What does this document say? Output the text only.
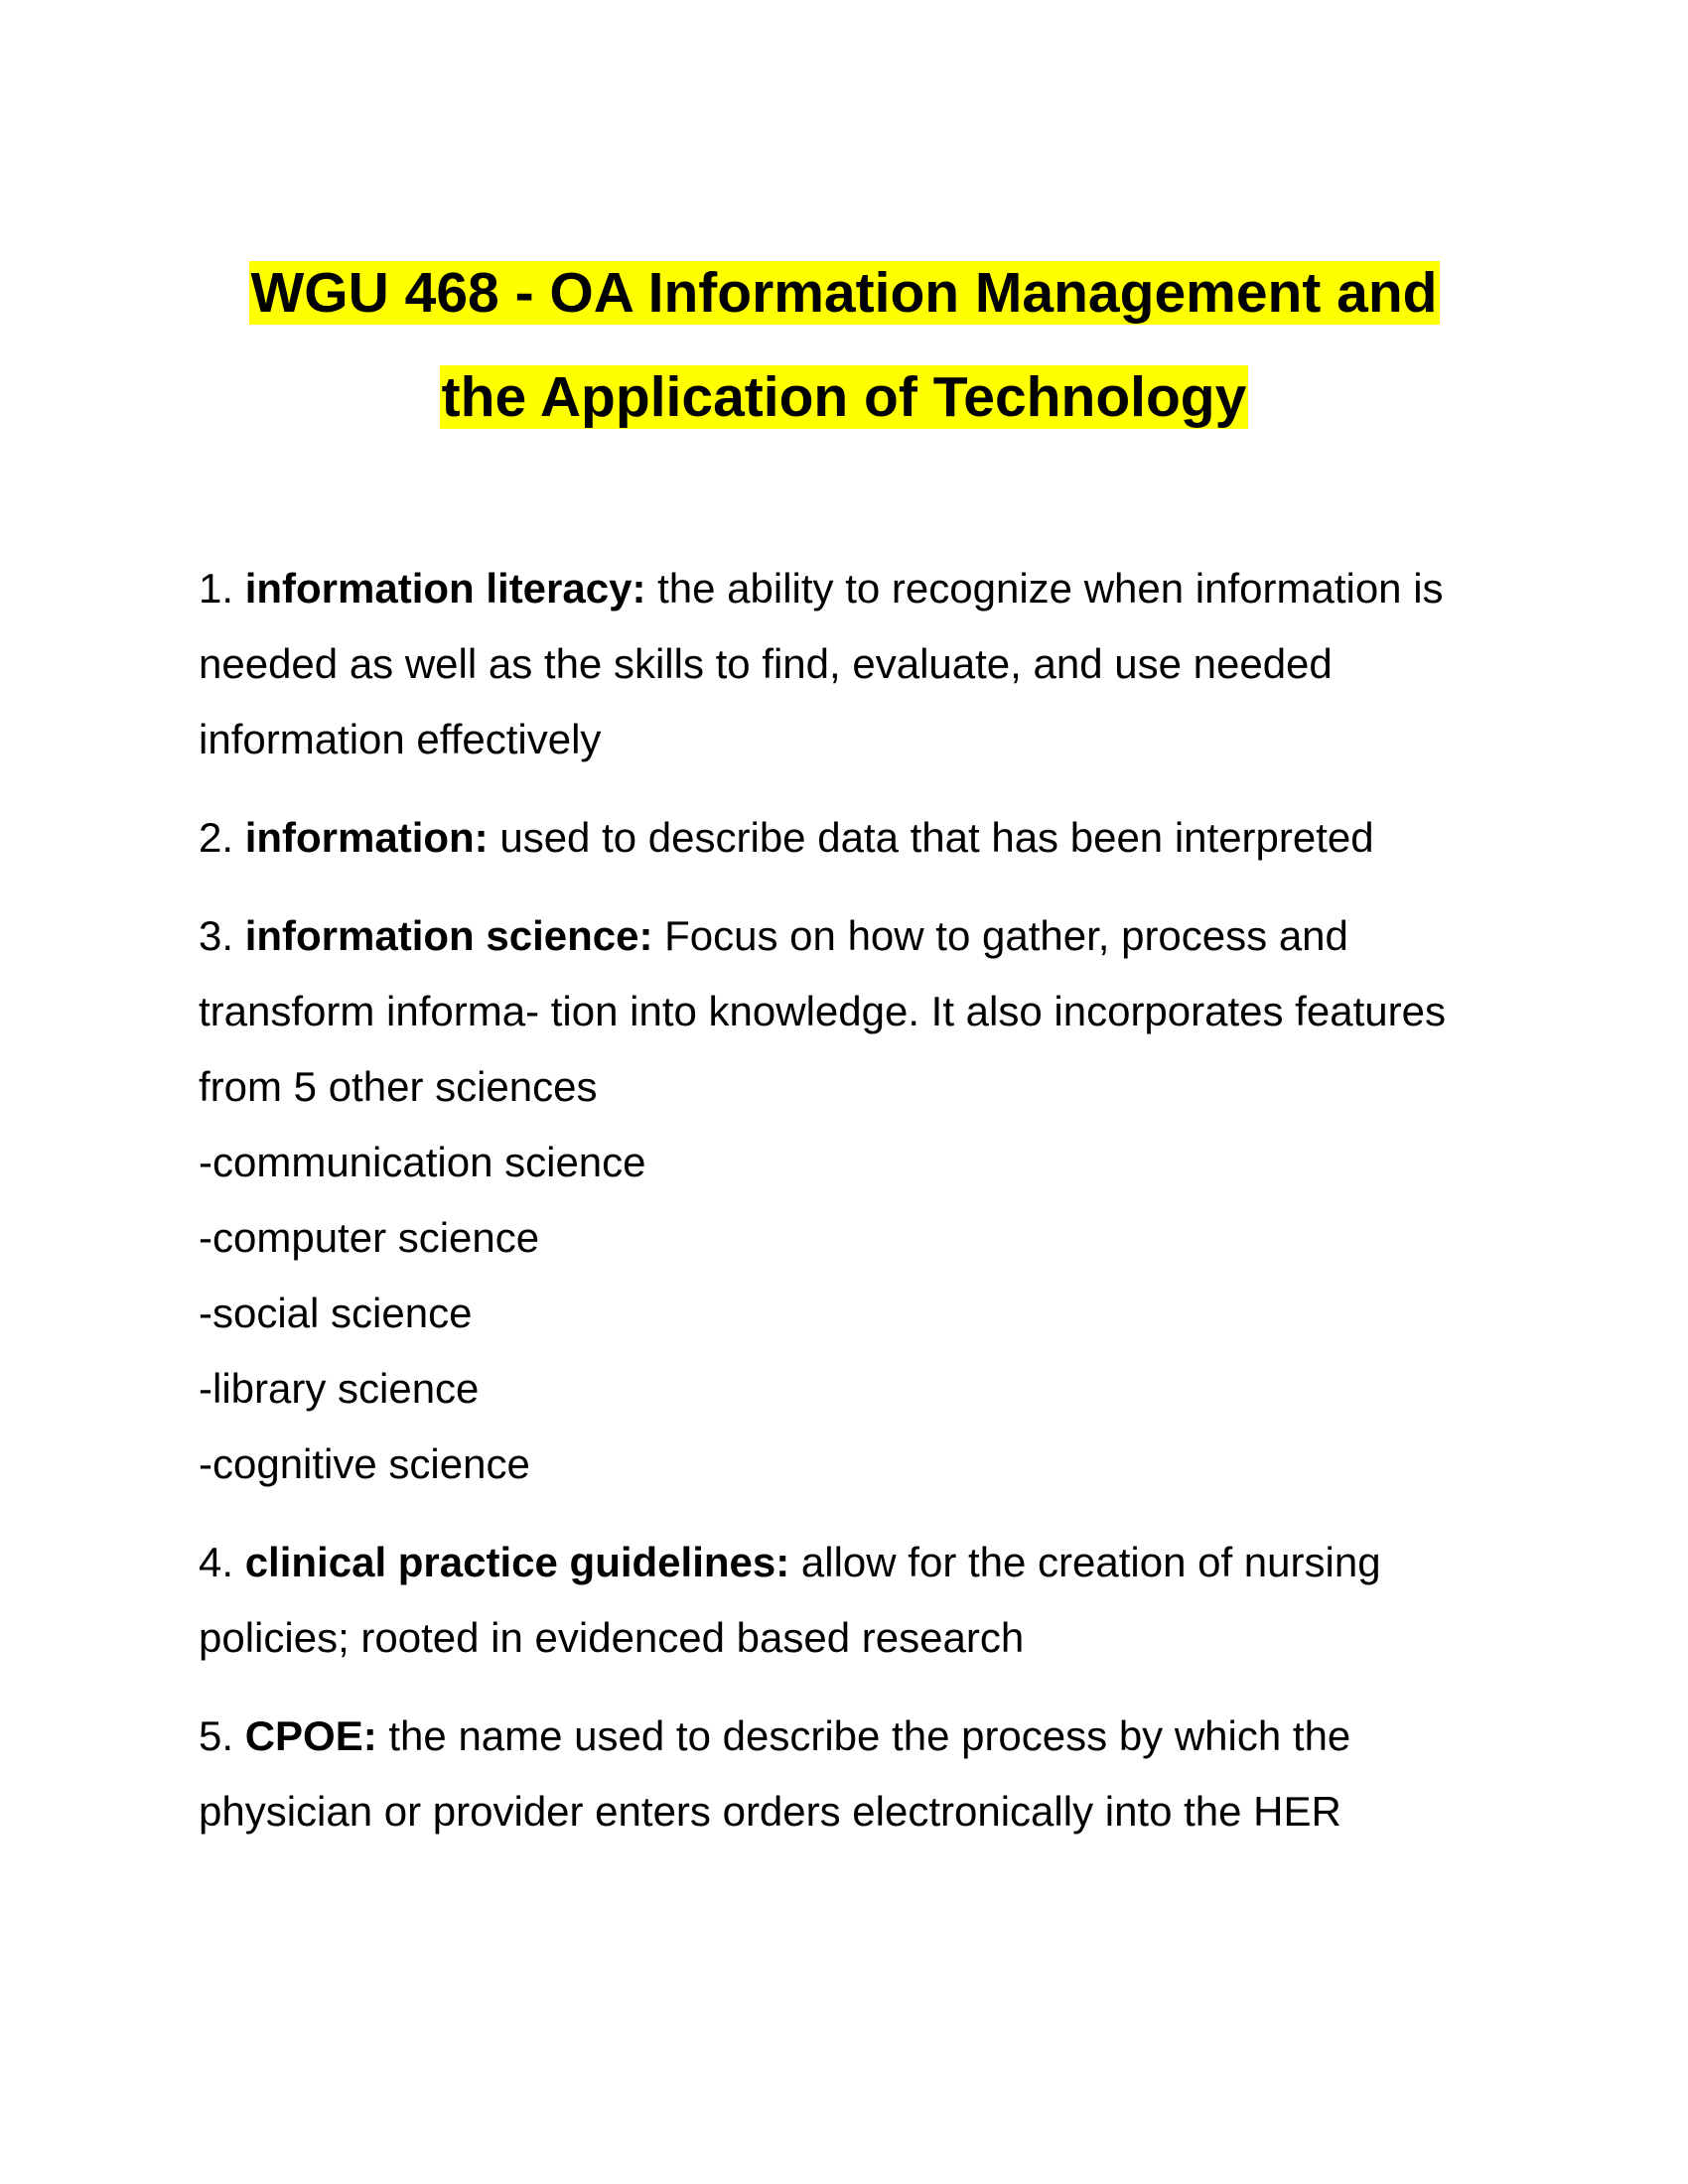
WGU 468 - OA Information Management and
the Application of Technology

1. information literacy: the ability to recognize when information is needed as well as the skills to find, evaluate, and use needed information effectively

2. information: used to describe data that has been interpreted

3. information science: Focus on how to gather, process and transform informa- tion into knowledge. It also incorporates features from 5 other sciences

-communication science

-computer science

-social science

-library science

-cognitive science

4. clinical practice guidelines: allow for the creation of nursing policies; rooted in evidenced based research

5. CPOE: the name used to describe the process by which the physician or provider enters orders electronically into the HER
